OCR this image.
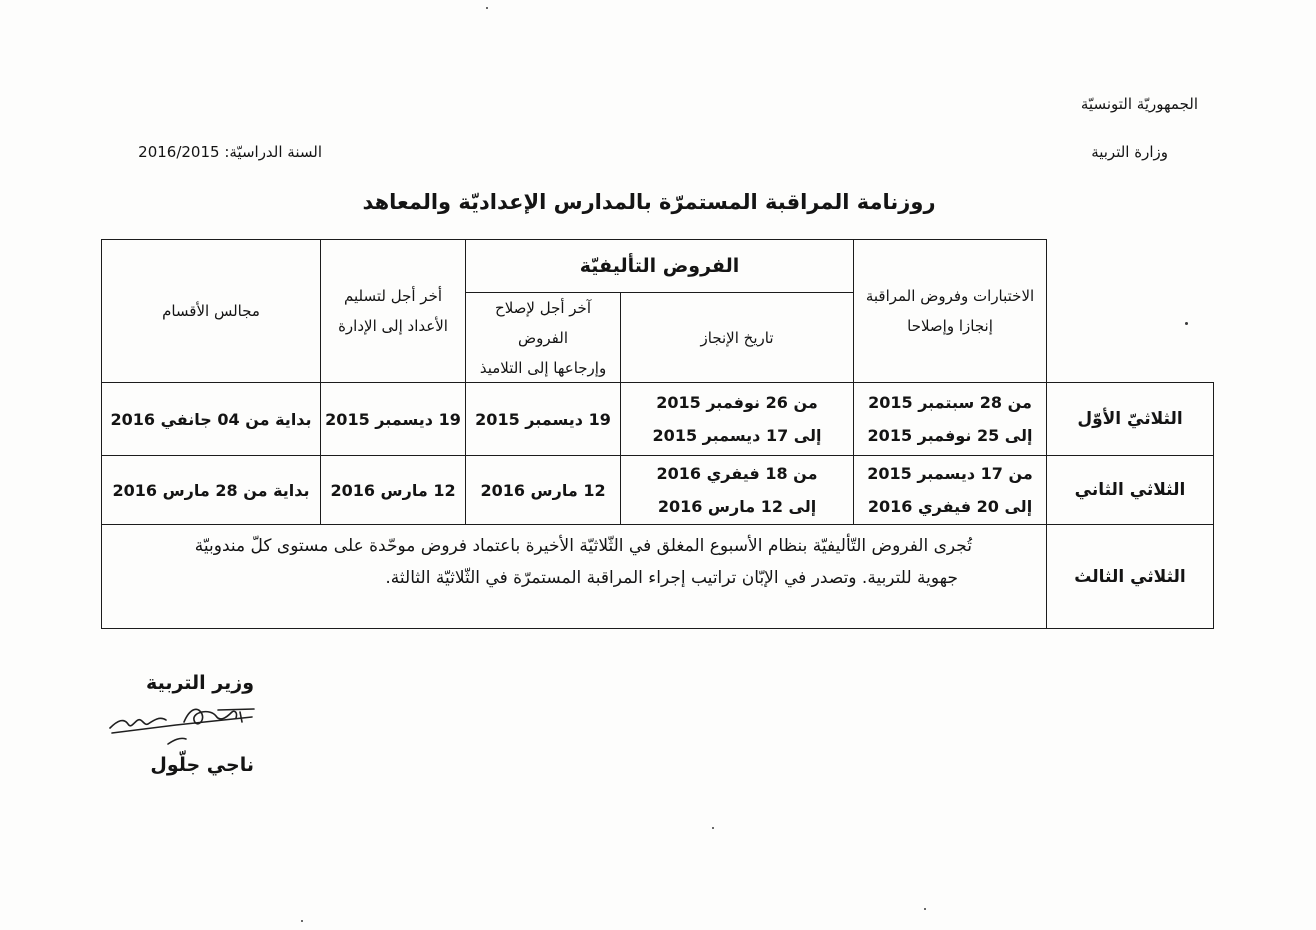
الجمهوريّة التونسيّة
وزارة التربية
السنة الدراسيّة: 2016/2015
روزنامة المراقبة المستمرّة بالمدارس الإعداديّة والمعاهد
الاختبارات وفروض المراقبة
إنجازا وإصلاحا
الفروض التأليفيّة
تاريخ الإنجاز
آخر أجل لإصلاح
الفروض
وإرجاعها إلى التلاميذ
أخر أجل لتسليم
الأعداد إلى الإدارة
مجالس الأقسام
الثلاثيّ الأوّل
من 28 سبتمبر 2015
إلى 25 نوفمبر 2015
من 26 نوفمبر 2015
إلى 17 ديسمبر 2015
19 ديسمبر 2015
19 ديسمبر 2015
بداية من 04 جانفي 2016
الثلاثي الثاني
من 17 ديسمبر 2015
إلى 20 فيفري 2016
من 18 فيفري 2016
إلى 12 مارس 2016
12 مارس 2016
12 مارس 2016
بداية من 28 مارس 2016
الثلاثي الثالث
تُجرى الفروض التّأليفيّة بنظام الأسبوع المغلق في الثّلاثيّة الأخيرة باعتماد فروض موحّدة على مستوى كلّ مندوبيّة
جهوية للتربية. وتصدر في الإبّان تراتيب إجراء المراقبة المستمرّة في الثّلاثيّة الثالثة.
وزير التربية
ناجي جلّول
